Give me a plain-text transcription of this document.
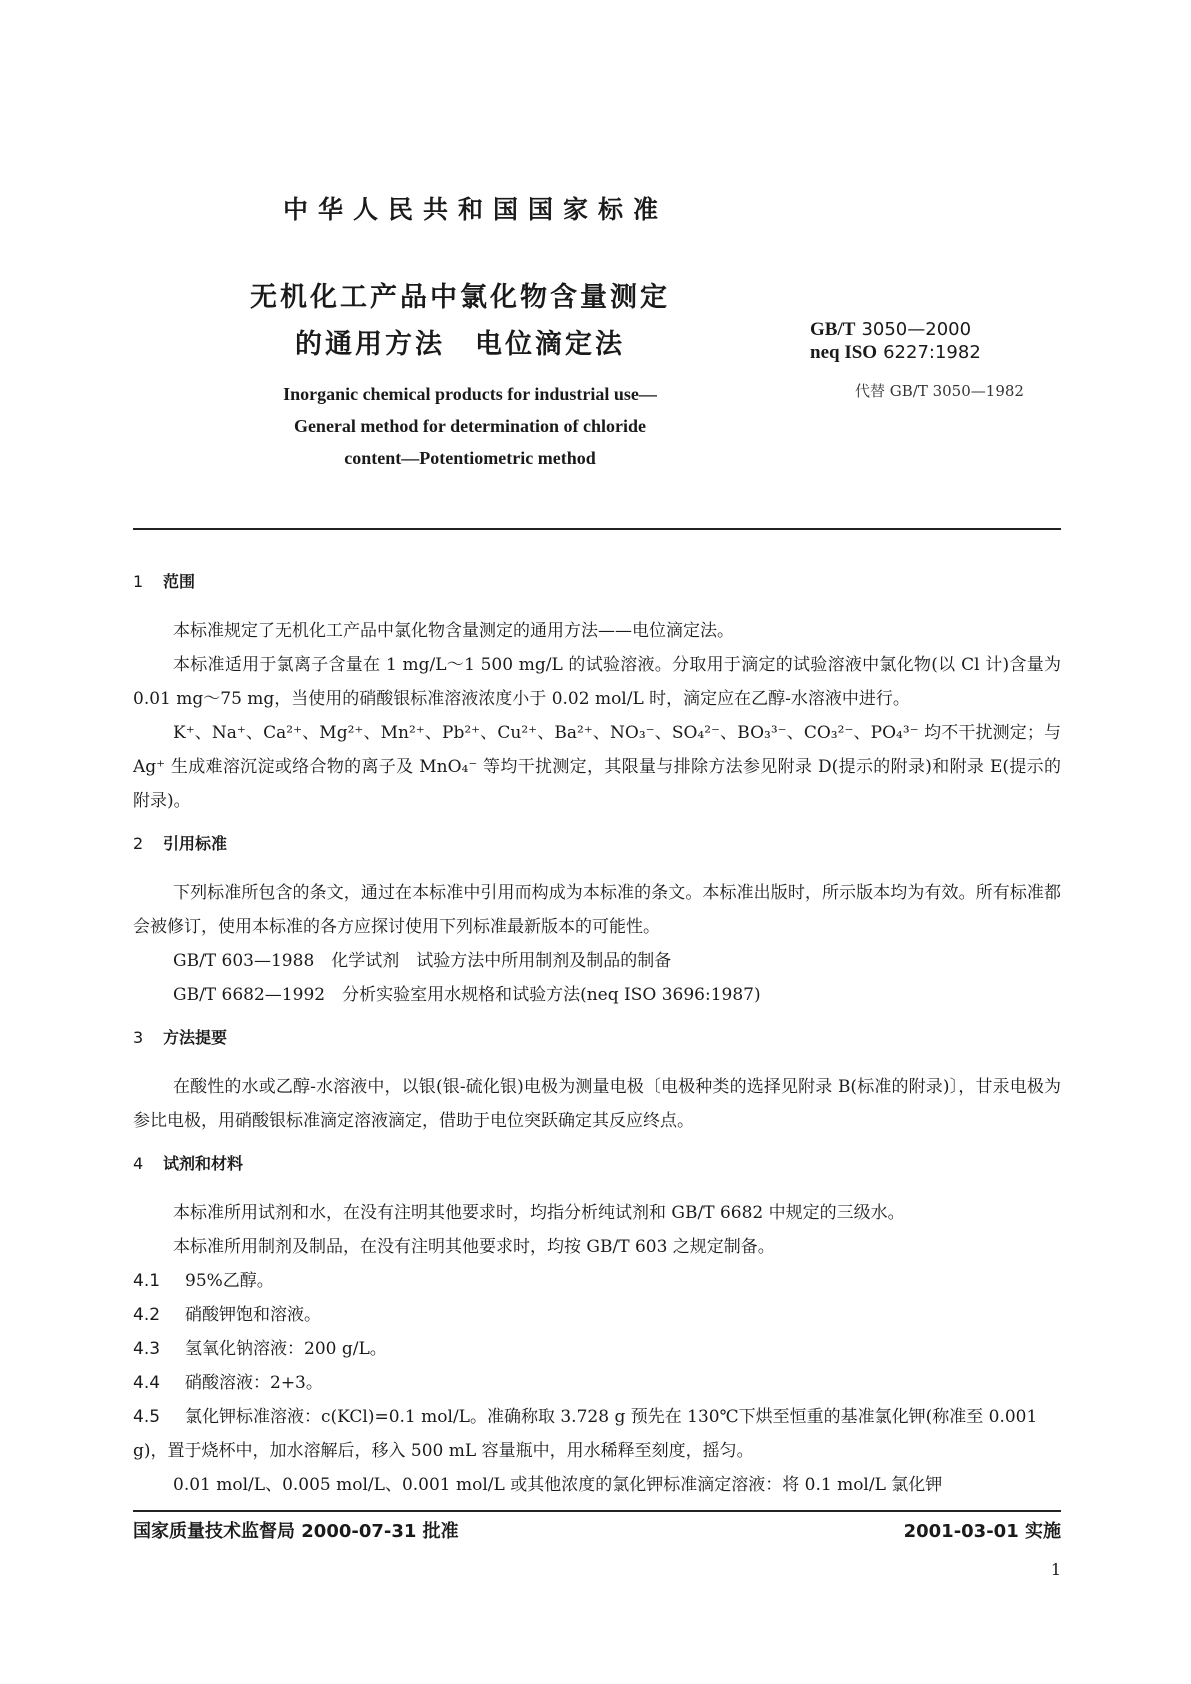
中华人民共和国国家标准
无机化工产品中氯化物含量测定
的通用方法　电位滴定法	GB/T 3050—2000
neq ISO 6227:1982
代替 GB/T 3050—1982
Inorganic chemical products for industrial use—
General method for determination of chloride
content—Potentiometric method
1 范围

本标准规定了无机化工产品中氯化物含量测定的通用方法——电位滴定法。

本标准适用于氯离子含量在 1 mg/L～1 500 mg/L 的试验溶液。分取用于滴定的试验溶液中氯化物(以 Cl 计)含量为 0.01 mg～75 mg，当使用的硝酸银标准溶液浓度小于 0.02 mol/L 时，滴定应在乙醇-水溶液中进行。

K⁺、Na⁺、Ca²⁺、Mg²⁺、Mn²⁺、Pb²⁺、Cu²⁺、Ba²⁺、NO₃⁻、SO₄²⁻、BO₃³⁻、CO₃²⁻、PO₄³⁻ 均不干扰测定；与 Ag⁺ 生成难溶沉淀或络合物的离子及 MnO₄⁻ 等均干扰测定，其限量与排除方法参见附录 D(提示的附录)和附录 E(提示的附录)。

2 引用标准

下列标准所包含的条文，通过在本标准中引用而构成为本标准的条文。本标准出版时，所示版本均为有效。所有标准都会被修订，使用本标准的各方应探讨使用下列标准最新版本的可能性。

GB/T 603—1988　化学试剂　试验方法中所用制剂及制品的制备

GB/T 6682—1992　分析实验室用水规格和试验方法(neq ISO 3696:1987)

3 方法提要

在酸性的水或乙醇-水溶液中，以银(银-硫化银)电极为测量电极〔电极种类的选择见附录 B(标准的附录)〕，甘汞电极为参比电极，用硝酸银标准滴定溶液滴定，借助于电位突跃确定其反应终点。

4 试剂和材料

本标准所用试剂和水，在没有注明其他要求时，均指分析纯试剂和 GB/T 6682 中规定的三级水。

本标准所用制剂及制品，在没有注明其他要求时，均按 GB/T 603 之规定制备。

4.1 95%乙醇。

4.2 硝酸钾饱和溶液。

4.3 氢氧化钠溶液：200 g/L。

4.4 硝酸溶液：2+3。

4.5 氯化钾标准溶液：c(KCl)=0.1 mol/L。准确称取 3.728 g 预先在 130℃下烘至恒重的基准氯化钾(称准至 0.001 g)，置于烧杯中，加水溶解后，移入 500 mL 容量瓶中，用水稀释至刻度，摇匀。

0.01 mol/L、0.005 mol/L、0.001 mol/L 或其他浓度的氯化钾标准滴定溶液：将 0.1 mol/L 氯化钾

国家质量技术监督局 2000-07-31 批准	2001-03-01 实施
1
